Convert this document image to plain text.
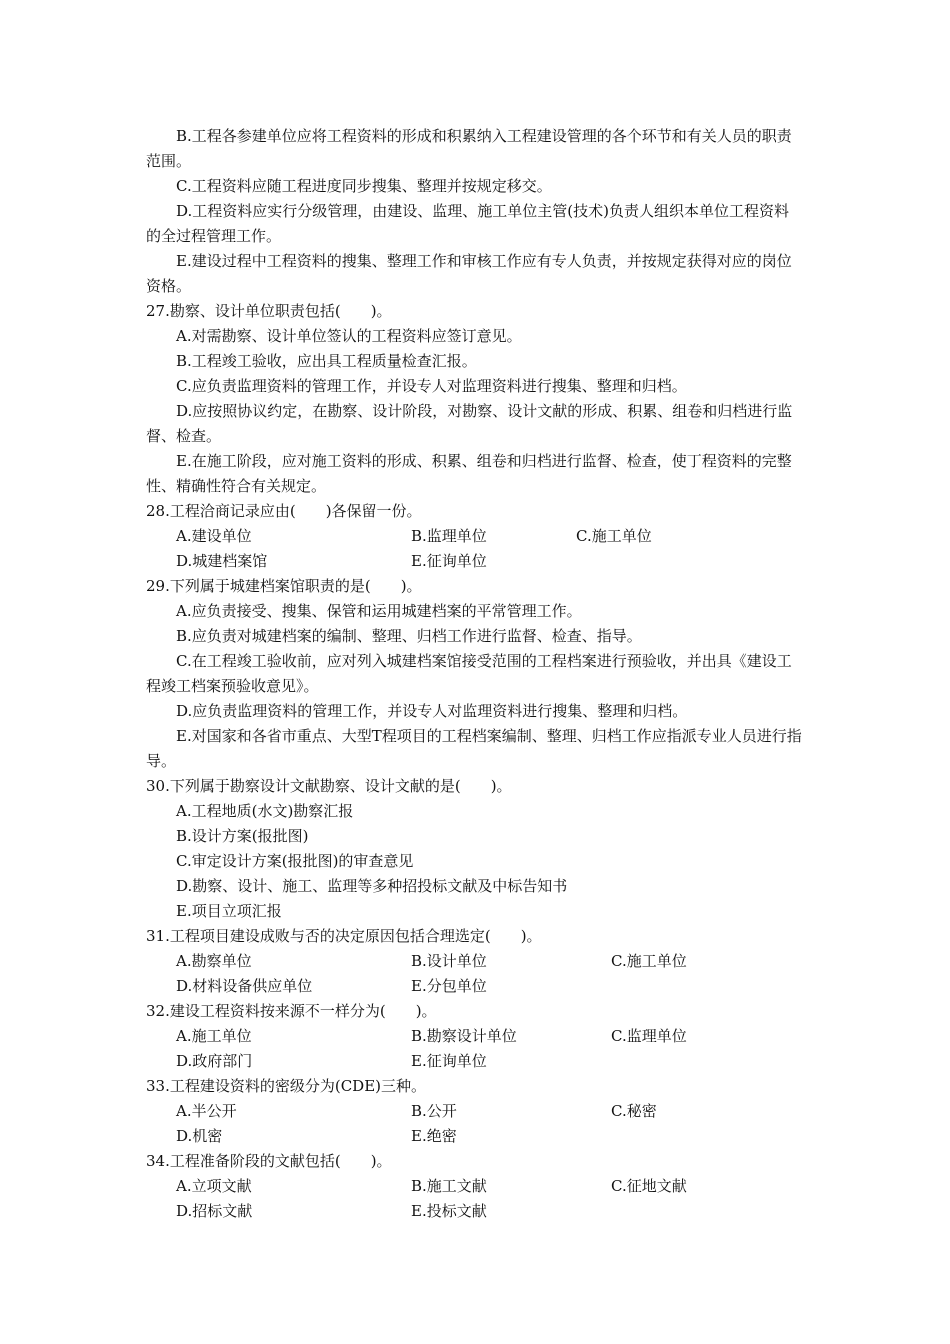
B.工程各参建单位应将工程资料的形成和积累纳入工程建设管理的各个环节和有关人员的职责范围。

C.工程资料应随工程进度同步搜集、整理并按规定移交。

D.工程资料应实行分级管理，由建设、监理、施工单位主管(技术)负责人组织本单位工程资料的全过程管理工作。

E.建设过程中工程资料的搜集、整理工作和审核工作应有专人负责，并按规定获得对应的岗位资格。

27.勘察、设计单位职责包括(　　)。

A.对需勘察、设计单位签认的工程资料应签订意见。

B.工程竣工验收，应出具工程质量检查汇报。

C.应负责监理资料的管理工作，并设专人对监理资料进行搜集、整理和归档。

D.应按照协议约定，在勘察、设计阶段，对勘察、设计文献的形成、积累、组卷和归档进行监督、检查。

E.在施工阶段，应对施工资料的形成、积累、组卷和归档进行监督、检查，使丁程资料的完整性、精确性符合有关规定。

28.工程洽商记录应由(　　)各保留一份。

A.建设单位	B.监理单位	C.施工单位
D.城建档案馆	E.征询单位

29.下列属于城建档案馆职责的是(　　)。

A.应负责接受、搜集、保管和运用城建档案的平常管理工作。

B.应负责对城建档案的编制、整理、归档工作进行监督、检查、指导。

C.在工程竣工验收前，应对列入城建档案馆接受范围的工程档案进行预验收，并出具《建设工程竣工档案预验收意见》。

D.应负责监理资料的管理工作，并设专人对监理资料进行搜集、整理和归档。

E.对国家和各省市重点、大型T程项目的工程档案编制、整理、归档工作应指派专业人员进行指导。

30.下列属于勘察设计文献勘察、设计文献的是(　　)。

A.工程地质(水文)勘察汇报

B.设计方案(报批图)

C.审定设计方案(报批图)的审查意见

D.勘察、设计、施工、监理等多种招投标文献及中标告知书

E.项目立项汇报

31.工程项目建设成败与否的决定原因包括合理选定(　　)。

A.勘察单位	B.设计单位	C.施工单位
D.材料设备供应单位	E.分包单位

32.建设工程资料按来源不一样分为(　　)。

A.施工单位	B.勘察设计单位	C.监理单位
D.政府部门	E.征询单位

33.工程建设资料的密级分为(CDE)三种。

A.半公开	B.公开	C.秘密
D.机密	E.绝密

34.工程准备阶段的文献包括(　　)。

A.立项文献	B.施工文献	C.征地文献
D.招标文献	E.投标文献
